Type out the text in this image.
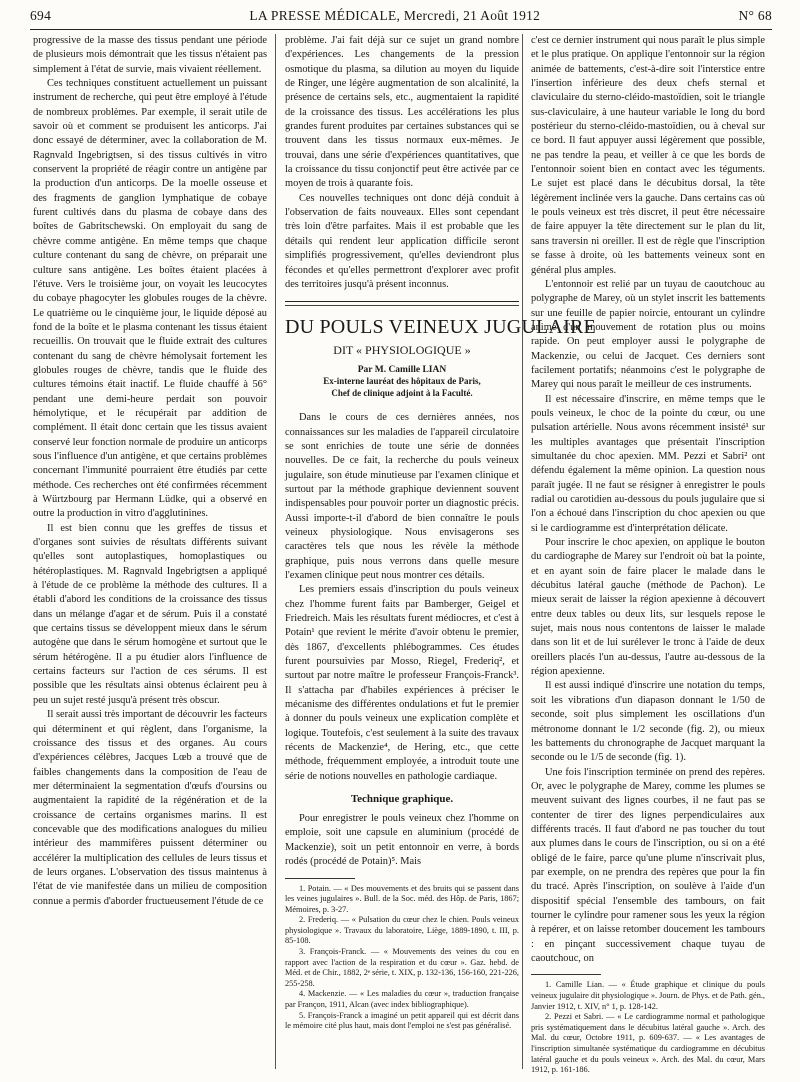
694	LA PRESSE MÉDICALE, Mercredi, 21 Août 1912	N° 68

progressive de la masse des tissus pendant une période de plusieurs mois démontrait que les tissus n'étaient pas simplement à l'état de survie, mais vivaient réellement.

Ces techniques constituent actuellement un puissant instrument de recherche, qui peut être employé à l'étude de nombreux problèmes. Par exemple, il serait utile de savoir où et comment se produisent les anticorps. J'ai donc essayé de déterminer, avec la collaboration de M. Ragnvald Ingebrigtsen, si des tissus cultivés in vitro conservent la propriété de réagir contre un antigène par la production d'un anticorps. De la moelle osseuse et des fragments de ganglion lymphatique de cobaye furent cultivés dans du plasma de cobaye dans des boîtes de Gabritschewski. On employait du sang de chèvre comme antigène. En même temps que chaque culture contenant du sang de chèvre, on préparait une culture sans antigène. Les boîtes étaient placées à l'étuve. Vers le troisième jour, on voyait les leucocytes du cobaye phagocyter les globules rouges de la chèvre. Le quatrième ou le cinquième jour, le liquide déposé au fond de la boîte et le plasma contenant les tissus étaient recueillis. On trouvait que le fluide extrait des cultures contenant du sang de chèvre hémolysait fortement les globules rouges de chèvre, tandis que le fluide des cultures témoins était inactif. Le fluide chauffé à 56° pendant une demi-heure perdait son pouvoir hémolytique, et le récupérait par addition de complément. Il était donc certain que les tissus avaient conservé leur fonction normale de produire un anticorps sous l'influence d'un antigène, et que certains problèmes concernant l'immunité pourraient être étudiés par cette méthode. Ces recherches ont été confirmées récemment à Würtzbourg par Hermann Lüdke, qui a observé en outre la production in vitro d'agglutinines.

Il est bien connu que les greffes de tissus et d'organes sont suivies de résultats différents suivant qu'elles sont autoplastiques, homoplastiques ou hétéroplastiques. M. Ragnvald Ingebrigtsen a appliqué à l'étude de ce problème la méthode des cultures. Il a établi d'abord les conditions de la croissance des tissus dans un mélange d'agar et de sérum. Puis il a constaté que certains tissus se développent mieux dans le sérum autogène que dans le sérum homogène et surtout que le sérum hétérogène. Il a pu étudier alors l'influence de certains facteurs sur l'action de ces sérums. Il est possible que les résultats ainsi obtenus éclairent peu à peu un sujet resté jusqu'à présent très obscur.

Il serait aussi très important de découvrir les facteurs qui déterminent et qui règlent, dans l'organisme, la croissance des tissus et des organes. Au cours d'expériences célèbres, Jacques Lœb a trouvé que de faibles changements dans la composition de l'eau de mer déterminaient la segmentation d'œufs d'oursins ou augmentaient la rapidité de la régénération et de la croissance de certains organismes marins. Il est concevable que des modifications analogues du milieu intérieur des mammifères puissent déterminer ou accélérer la multiplication des cellules de leurs tissus et de leurs organes. L'observation des tissus maintenus à l'état de vie manifestée dans un milieu de composition connue a permis d'aborder fructueusement l'étude de ce

problème. J'ai fait déjà sur ce sujet un grand nombre d'expériences. Les changements de la pression osmotique du plasma, sa dilution au moyen du liquide de Ringer, une légère augmentation de son alcalinité, la présence de certains sels, etc., augmentaient la rapidité de la croissance des tissus. Les accélérations les plus grandes furent produites par certaines substances qui se trouvent dans les tissus normaux eux-mêmes. Je trouvai, dans une série d'expériences quantitatives, que la croissance du tissu conjonctif peut être activée par ce moyen de trois à quarante fois.

Ces nouvelles techniques ont donc déjà conduit à l'observation de faits nouveaux. Elles sont cependant très loin d'être parfaites. Mais il est probable que les détails qui rendent leur application difficile seront simplifiés progressivement, qu'elles deviendront plus fécondes et qu'elles permettront d'explorer avec profit des territoires jusqu'à présent inconnus.

DU POULS VEINEUX JUGULAIRE
DIT « PHYSIOLOGIQUE »
Par M. Camille LIAN
Ex-interne lauréat des hôpitaux de Paris,
Chef de clinique adjoint à la Faculté.

Dans le cours de ces dernières années, nos connaissances sur les maladies de l'appareil circulatoire se sont enrichies de toute une série de données nouvelles. De ce fait, la recherche du pouls veineux jugulaire, son étude minutieuse par l'examen clinique et surtout par la méthode graphique deviennent souvent indispensables pour pouvoir porter un diagnostic précis. Aussi importe-t-il d'abord de bien connaître le pouls veineux physiologique. Nous envisagerons ses caractères tels que nous les révèle la méthode graphique, puis nous verrons dans quelle mesure l'examen clinique peut nous montrer ces détails.

Les premiers essais d'inscription du pouls veineux chez l'homme furent faits par Bamberger, Geigel et Friedreich. Mais les résultats furent médiocres, et c'est à Potain¹ que revient le mérite d'avoir obtenu le premier, dès 1867, d'excellents phlébogrammes. Ces études furent poursuivies par Mosso, Riegel, Frederiq², et surtout par notre maître le professeur François-Franck³. Il s'attacha par d'habiles expériences à préciser le mécanisme des différentes ondulations et fut le premier à donner du pouls veineux une explication complète et logique. Toutefois, c'est seulement à la suite des travaux récents de Mackenzie⁴, de Hering, etc., que cette méthode, fréquemment employée, a introduit toute une série de notions nouvelles en pathologie cardiaque.

Technique graphique.

Pour enregistrer le pouls veineux chez l'homme on emploie, soit une capsule en aluminium (procédé de Mackenzie), soit un petit entonnoir en verre, à bords rodés (procédé de Potain)⁵. Mais

1. Potain. — « Des mouvements et des bruits qui se passent dans les veines jugulaires ». Bull. de la Soc. méd. des Hôp. de Paris, 1867; Mémoires, p. 3-27.

2. Frederiq. — « Pulsation du cœur chez le chien. Pouls veineux physiologique ». Travaux du laboratoire, Liège, 1889-1890, t. III, p. 85-108.

3. François-Franck. — « Mouvements des veines du cou en rapport avec l'action de la respiration et du cœur ». Gaz. hebd. de Méd. et de Chir., 1882, 2ᵉ série, t. XIX, p. 132-136, 156-160, 221-226, 255-258.

4. Mackenzie. — « Les maladies du cœur », traduction française par Françon, 1911, Alcan (avec index bibliographique).

5. François-Franck a imaginé un petit appareil qui est décrit dans le mémoire cité plus haut, mais dont l'emploi ne s'est pas généralisé.

c'est ce dernier instrument qui nous paraît le plus simple et le plus pratique. On applique l'entonnoir sur la région animée de battements, c'est-à-dire soit l'interstice entre l'insertion inférieure des deux chefs sternal et claviculaire du sterno-cléido-mastoïdien, soit le triangle sus-claviculaire, à une hauteur variable le long du bord postérieur du sterno-cléido-mastoïdien, ou à cheval sur ce bord. Il faut appuyer aussi légèrement que possible, ne pas tendre la peau, et veiller à ce que les bords de l'entonnoir soient bien en contact avec les téguments. Le sujet est placé dans le décubitus dorsal, la tête légèrement inclinée vers la gauche. Dans certains cas où le pouls veineux est très discret, il peut être nécessaire de faire appuyer la tête directement sur le plan du lit, sans traversin ni oreiller. Il est de règle que l'inscription se fasse à droite, où les battements veineux sont en général plus amples.

L'entonnoir est relié par un tuyau de caoutchouc au polygraphe de Marey, où un stylet inscrit les battements sur une feuille de papier noircie, entourant un cylindre animé d'un mouvement de rotation plus ou moins rapide. On peut employer aussi le polygraphe de Mackenzie, ou celui de Jacquet. Ces derniers sont facilement portatifs; néanmoins c'est le polygraphe de Marey qui nous paraît le meilleur de ces instruments.

Il est nécessaire d'inscrire, en même temps que le pouls veineux, le choc de la pointe du cœur, ou une pulsation artérielle. Nous avons récemment insisté¹ sur les multiples avantages que présentait l'inscription simultanée du choc apexien. MM. Pezzi et Sabri² ont défendu également la même opinion. La question nous paraît jugée. Il ne faut se résigner à enregistrer le pouls radial ou carotidien au-dessous du pouls jugulaire que si l'on a échoué dans l'inscription du choc apexien ou que si le cardiogramme est d'interprétation délicate.

Pour inscrire le choc apexien, on applique le bouton du cardiographe de Marey sur l'endroit où bat la pointe, et en ayant soin de faire placer le malade dans le décubitus latéral gauche (méthode de Pachon). Le mieux serait de laisser la région apexienne à découvert entre deux tables ou deux lits, sur lesquels repose le sujet, mais nous nous contentons de laisser le malade dans son lit et de lui surélever le tronc à l'aide de deux oreillers placés l'un au-dessus, l'autre au-dessous de la région apexienne.

Il est aussi indiqué d'inscrire une notation du temps, soit les vibrations d'un diapason donnant le 1/50 de seconde, soit plus simplement les oscillations d'un métronome donnant le 1/2 seconde (fig. 2), ou mieux les battements du chronographe de Jacquet marquant la seconde ou le 1/5 de seconde (fig. 1).

Une fois l'inscription terminée on prend des repères. Or, avec le polygraphe de Marey, comme les plumes se meuvent suivant des lignes courbes, il ne faut pas se contenter de tirer des lignes perpendiculaires aux différents tracés. Il faut d'abord ne pas toucher du tout aux plumes dans le cours de l'inscription, ou si on a été obligé de le faire, parce qu'une plume n'inscrivait plus, par exemple, on ne prendra des repères que pour la fin du tracé. Après l'inscription, on soulève à l'aide d'un dispositif spécial l'ensemble des tambours, on fait tourner le cylindre pour ramener sous les yeux la région à repérer, et on laisse retomber doucement les tambours : en pinçant successivement chaque tuyau de caoutchouc, on

1. Camille Lian. — « Étude graphique et clinique du pouls veineux jugulaire dit physiologique ». Journ. de Phys. et de Path. gén., Janvier 1912, t. XIV, n° 1, p. 128-142.

2. Pezzi et Sabri. — « Le cardiogramme normal et pathologique pris systématiquement dans le décubitus latéral gauche ». Arch. des Mal. du cœur, Octobre 1911, p. 609-637. — « Les avantages de l'inscription simultanée systématique du cardiogramme en décubitus latéral gauche et du pouls veineux ». Arch. des Mal. du cœur, Mars 1912, p. 161-186.
